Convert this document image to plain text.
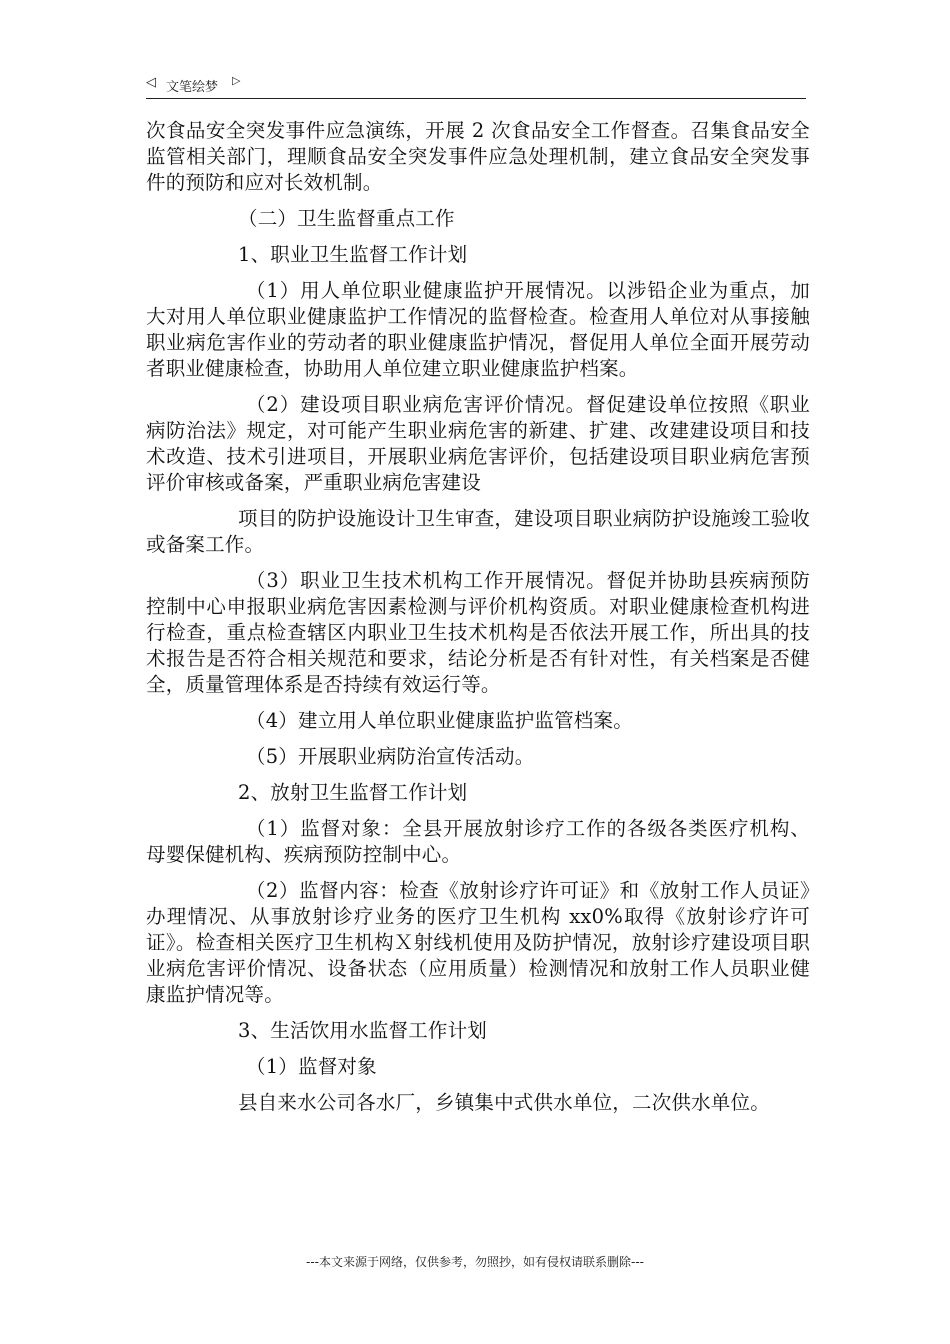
◁ 文笔绘梦 ▷

次食品安全突发事件应急演练，开展 2 次食品安全工作督查。召集食品安全监管相关部门，理顺食品安全突发事件应急处理机制，建立食品安全突发事件的预防和应对长效机制。

（二）卫生监督重点工作

1、职业卫生监督工作计划

（1）用人单位职业健康监护开展情况。以涉铅企业为重点，加大对用人单位职业健康监护工作情况的监督检查。检查用人单位对从事接触职业病危害作业的劳动者的职业健康监护情况，督促用人单位全面开展劳动者职业健康检查，协助用人单位建立职业健康监护档案。

（2）建设项目职业病危害评价情况。督促建设单位按照《职业病防治法》规定，对可能产生职业病危害的新建、扩建、改建建设项目和技术改造、技术引进项目，开展职业病危害评价，包括建设项目职业病危害预评价审核或备案，严重职业病危害建设

项目的防护设施设计卫生审查，建设项目职业病防护设施竣工验收或备案工作。

（3）职业卫生技术机构工作开展情况。督促并协助县疾病预防控制中心申报职业病危害因素检测与评价机构资质。对职业健康检查机构进行检查，重点检查辖区内职业卫生技术机构是否依法开展工作，所出具的技术报告是否符合相关规范和要求，结论分析是否有针对性，有关档案是否健全，质量管理体系是否持续有效运行等。

（4）建立用人单位职业健康监护监管档案。

（5）开展职业病防治宣传活动。

2、放射卫生监督工作计划

（1）监督对象：全县开展放射诊疗工作的各级各类医疗机构、母婴保健机构、疾病预防控制中心。

（2）监督内容：检查《放射诊疗许可证》和《放射工作人员证》办理情况、从事放射诊疗业务的医疗卫生机构 xx0%取得《放射诊疗许可证》。检查相关医疗卫生机构Ｘ射线机使用及防护情况，放射诊疗建设项目职业病危害评价情况、设备状态（应用质量）检测情况和放射工作人员职业健康监护情况等。

3、生活饮用水监督工作计划

（1）监督对象

县自来水公司各水厂，乡镇集中式供水单位，二次供水单位。

---本文来源于网络，仅供参考，勿照抄，如有侵权请联系删除---
